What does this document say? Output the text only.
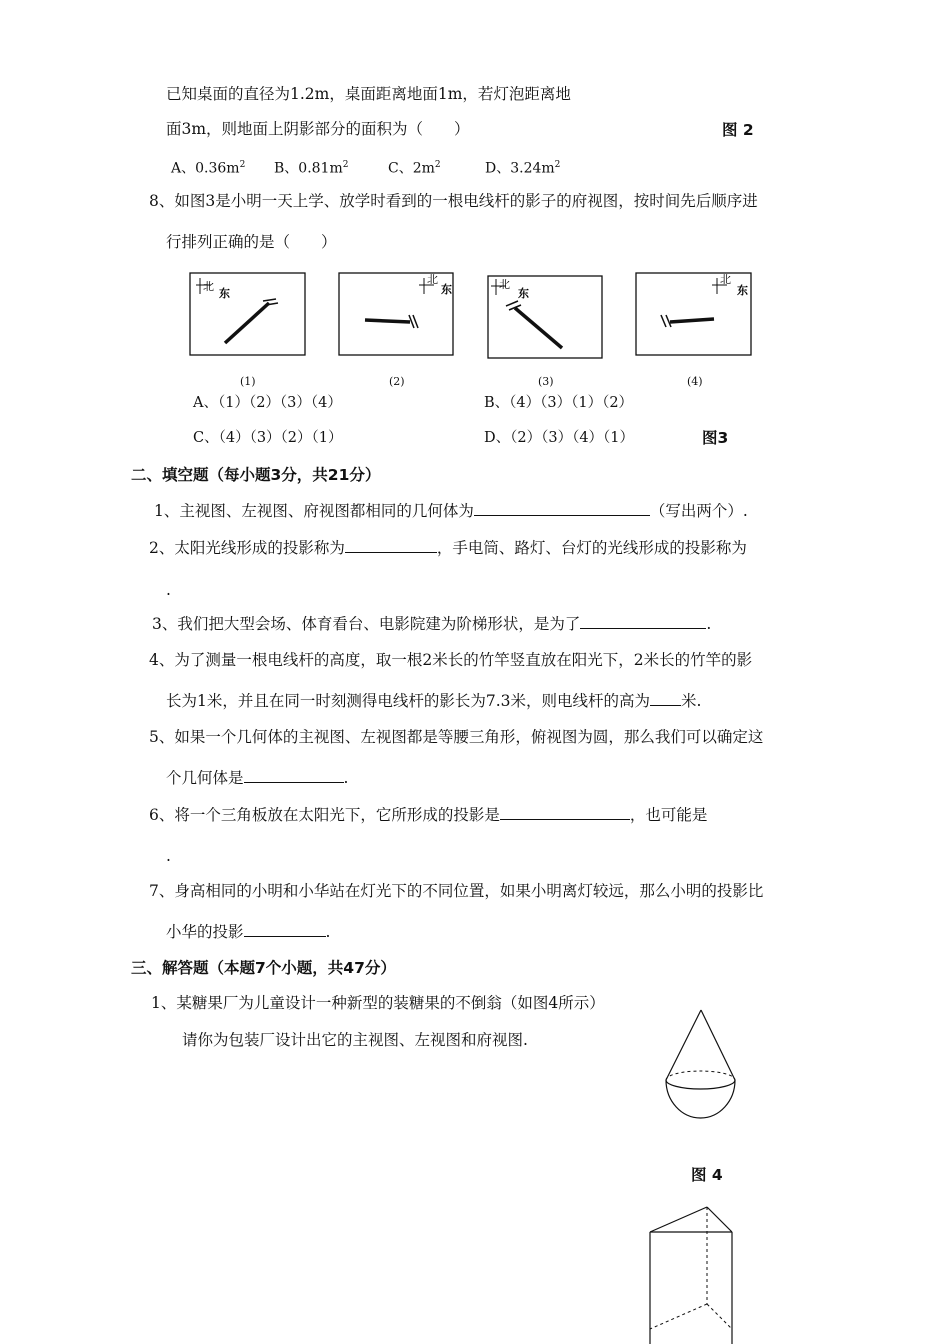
已知桌面的直径为1.2m，桌面距离地面1m，若灯泡距离地
面3m，则地面上阴影部分的面积为（　　）	图 2
A、$0.36m^2$ B、$0.81m^2$	C、$2m^2$	D、$3.24m^2$
8、如图3是小明一天上学、放学时看到的一根电线杆的影子的府视图，按时间先后顺序进
行排列正确的是（　　）
北
东
北
东	北
东
北
东
(1)	(2)	(3)	(4)
A、（1）（2）（3）（4）	B、（4）（3）（1）（2）
C、（4）（3）（2）（1）	D、（2）（3）（4）（1）	图3
二、填空题（每小题3分，共21分）
1、主视图、左视图、府视图都相同的几何体为	（写出两个）.
2、太阳光线形成的投影称为	，手电筒、路灯、台灯的光线形成的投影称为
.
3、我们把大型会场、体育看台、电影院建为阶梯形状，是为了	.
4、为了测量一根电线杆的高度，取一根2米长的竹竿竖直放在阳光下，2米长的竹竿的影
长为1米，并且在同一时刻测得电线杆的影长为7.3米，则电线杆的高为 米.
5、如果一个几何体的主视图、左视图都是等腰三角形，俯视图为圆，那么我们可以确定这
个几何体是	.
6、将一个三角板放在太阳光下，它所形成的投影是	，也可能是
.
7、身高相同的小明和小华站在灯光下的不同位置，如果小明离灯较远，那么小明的投影比
小华的投影	.
三、解答题（本题7个小题，共47分）
1、某糖果厂为儿童设计一种新型的装糖果的不倒翁（如图4所示）
请你为包装厂设计出它的主视图、左视图和府视图.
图 4
